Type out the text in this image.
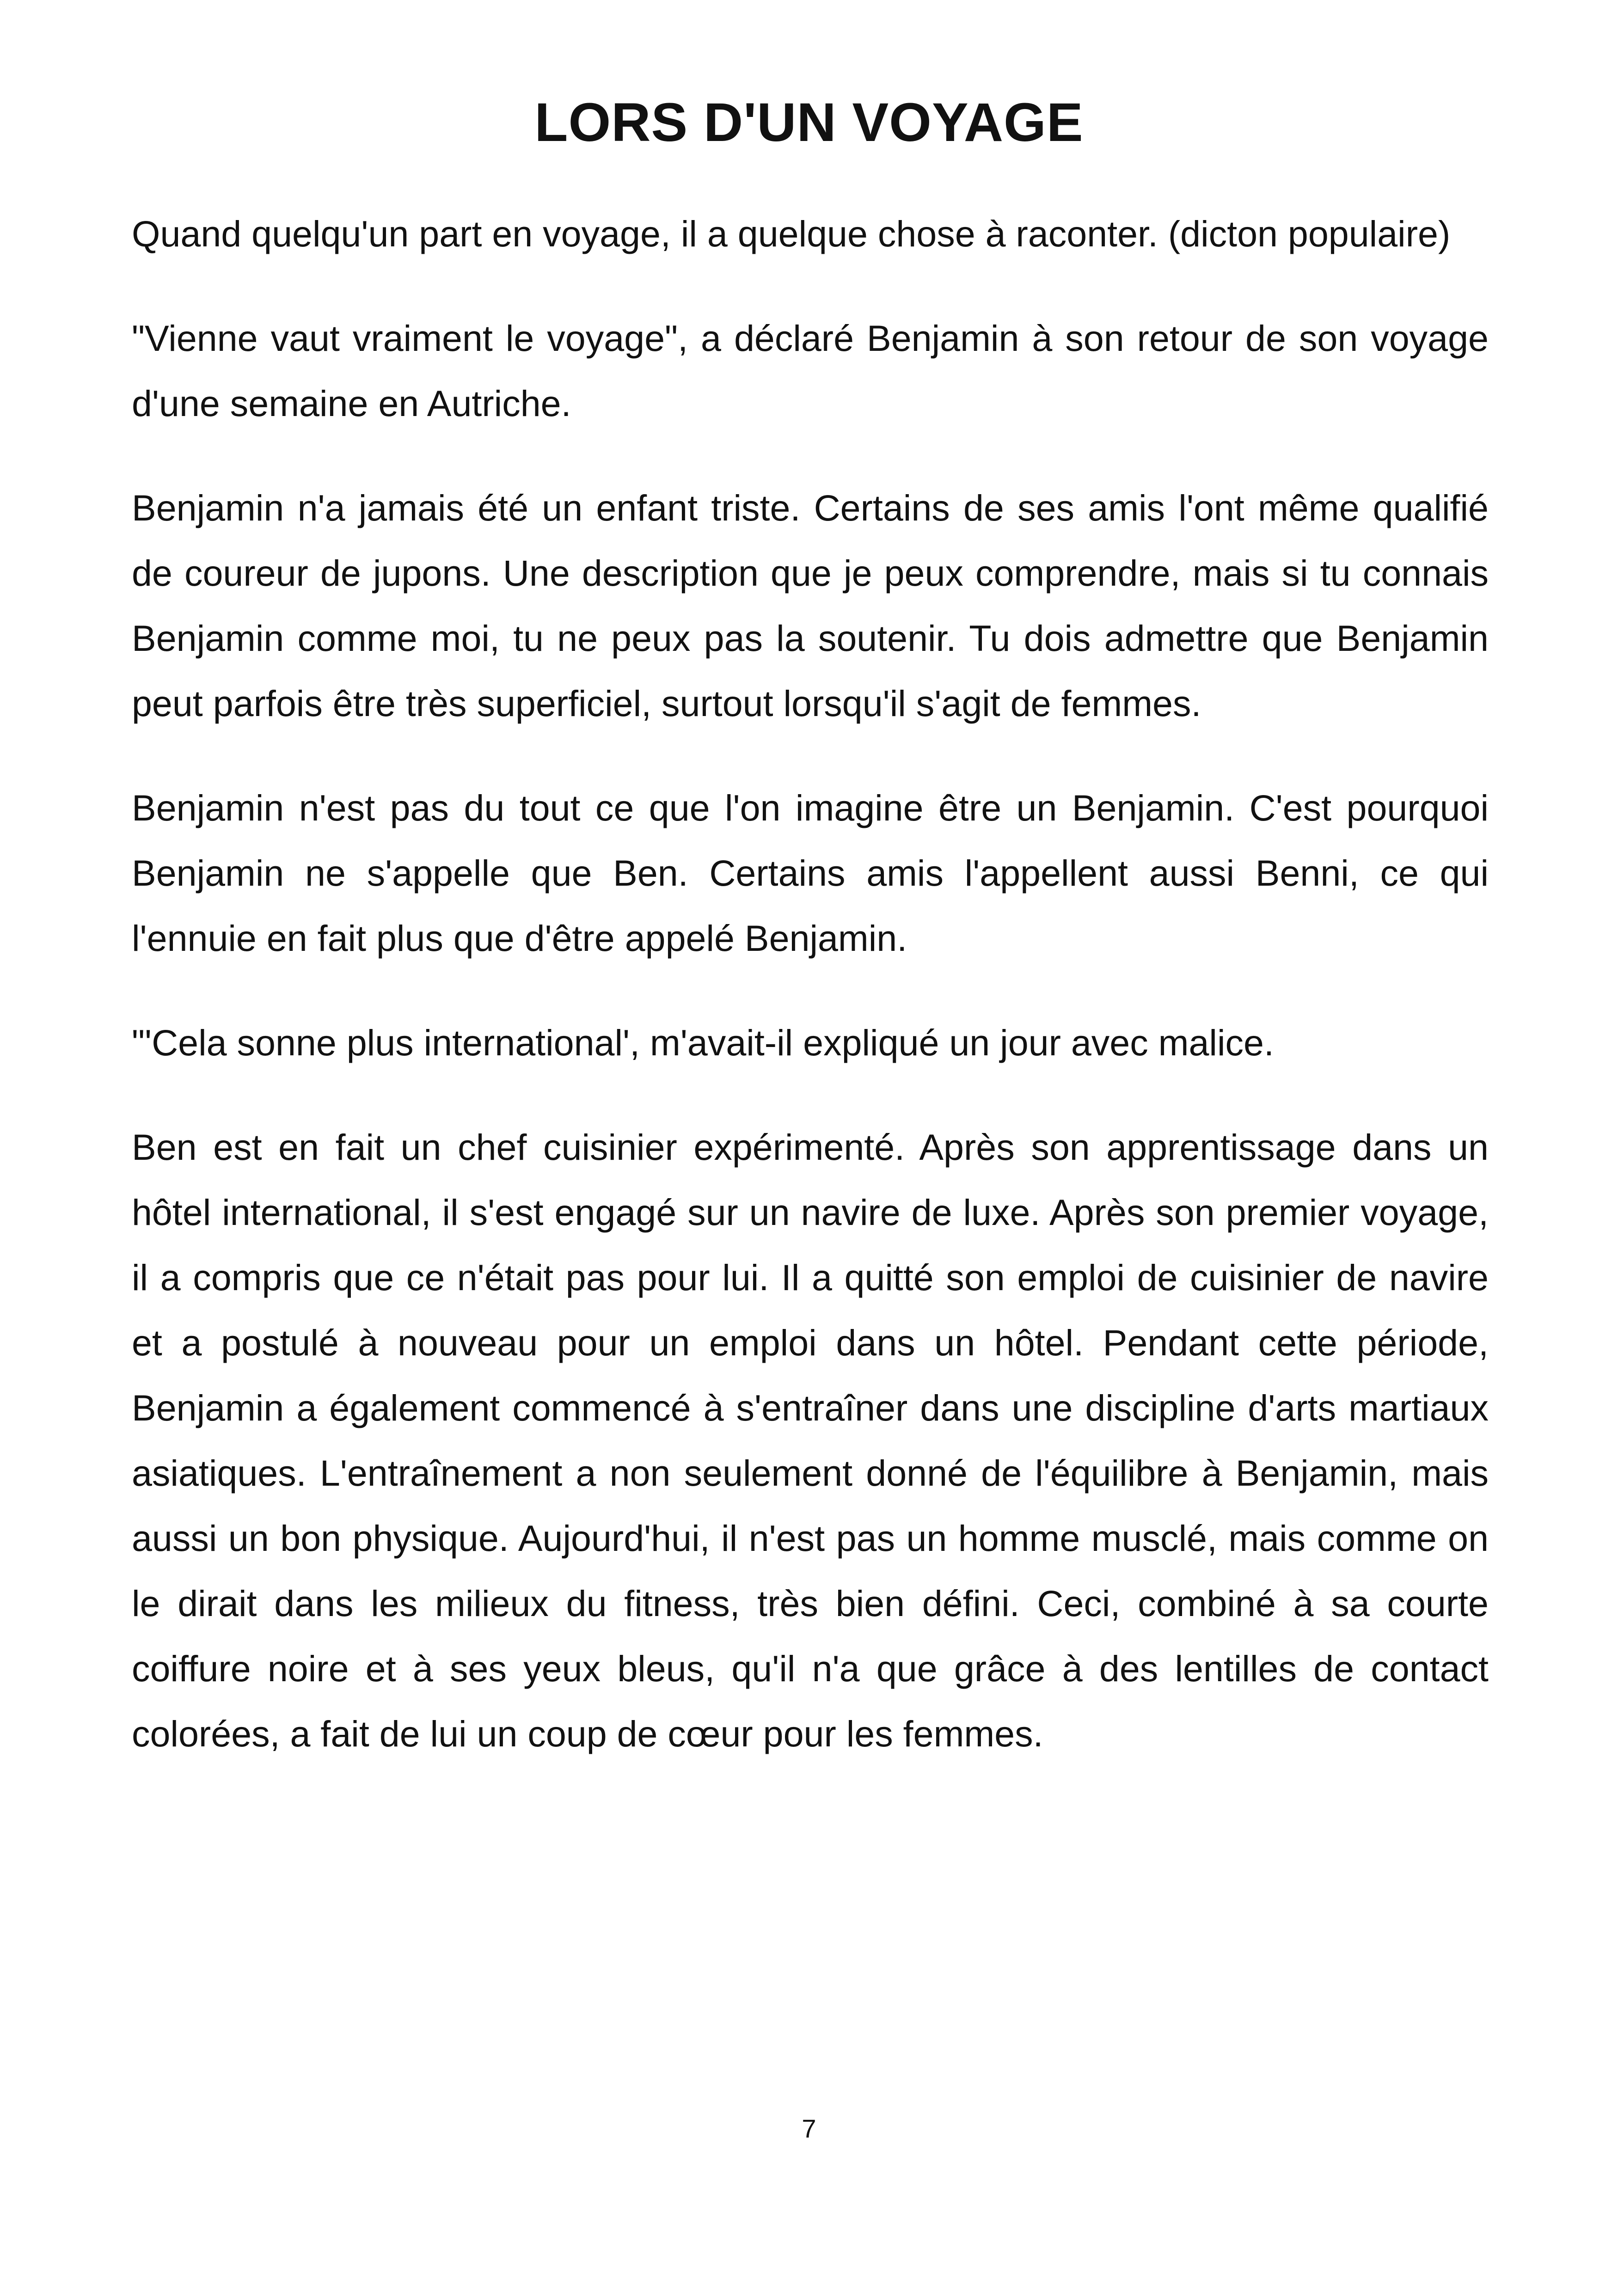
LORS D'UN VOYAGE

Quand quelqu'un part en voyage, il a quelque chose à raconter. (dicton populaire)

"Vienne vaut vraiment le voyage", a déclaré Benjamin à son retour de son voyage d'une semaine en Autriche.

Benjamin n'a jamais été un enfant triste. Certains de ses amis l'ont même qualifié de coureur de jupons. Une description que je peux comprendre, mais si tu connais Benjamin comme moi, tu ne peux pas la soutenir. Tu dois admettre que Benjamin peut parfois être très superficiel, surtout lorsqu'il s'agit de femmes.

Benjamin n'est pas du tout ce que l'on imagine être un Benjamin. C'est pourquoi Benjamin ne s'appelle que Ben. Certains amis l'appellent aussi Benni, ce qui l'ennuie en fait plus que d'être appelé Benjamin.

"'Cela sonne plus international', m'avait-il expliqué un jour avec malice.

Ben est en fait un chef cuisinier expérimenté. Après son apprentissage dans un hôtel international, il s'est engagé sur un navire de luxe. Après son premier voyage, il a compris que ce n'était pas pour lui. Il a quitté son emploi de cuisinier de navire et a postulé à nouveau pour un emploi dans un hôtel. Pendant cette période, Benjamin a également commencé à s'entraîner dans une discipline d'arts martiaux asiatiques. L'entraînement a non seulement donné de l'équilibre à Benjamin, mais aussi un bon physique. Aujourd'hui, il n'est pas un homme musclé, mais comme on le dirait dans les milieux du fitness, très bien défini. Ceci, combiné à sa courte coiffure noire et à ses yeux bleus, qu'il n'a que grâce à des lentilles de contact colorées, a fait de lui un coup de cœur pour les femmes.

7
